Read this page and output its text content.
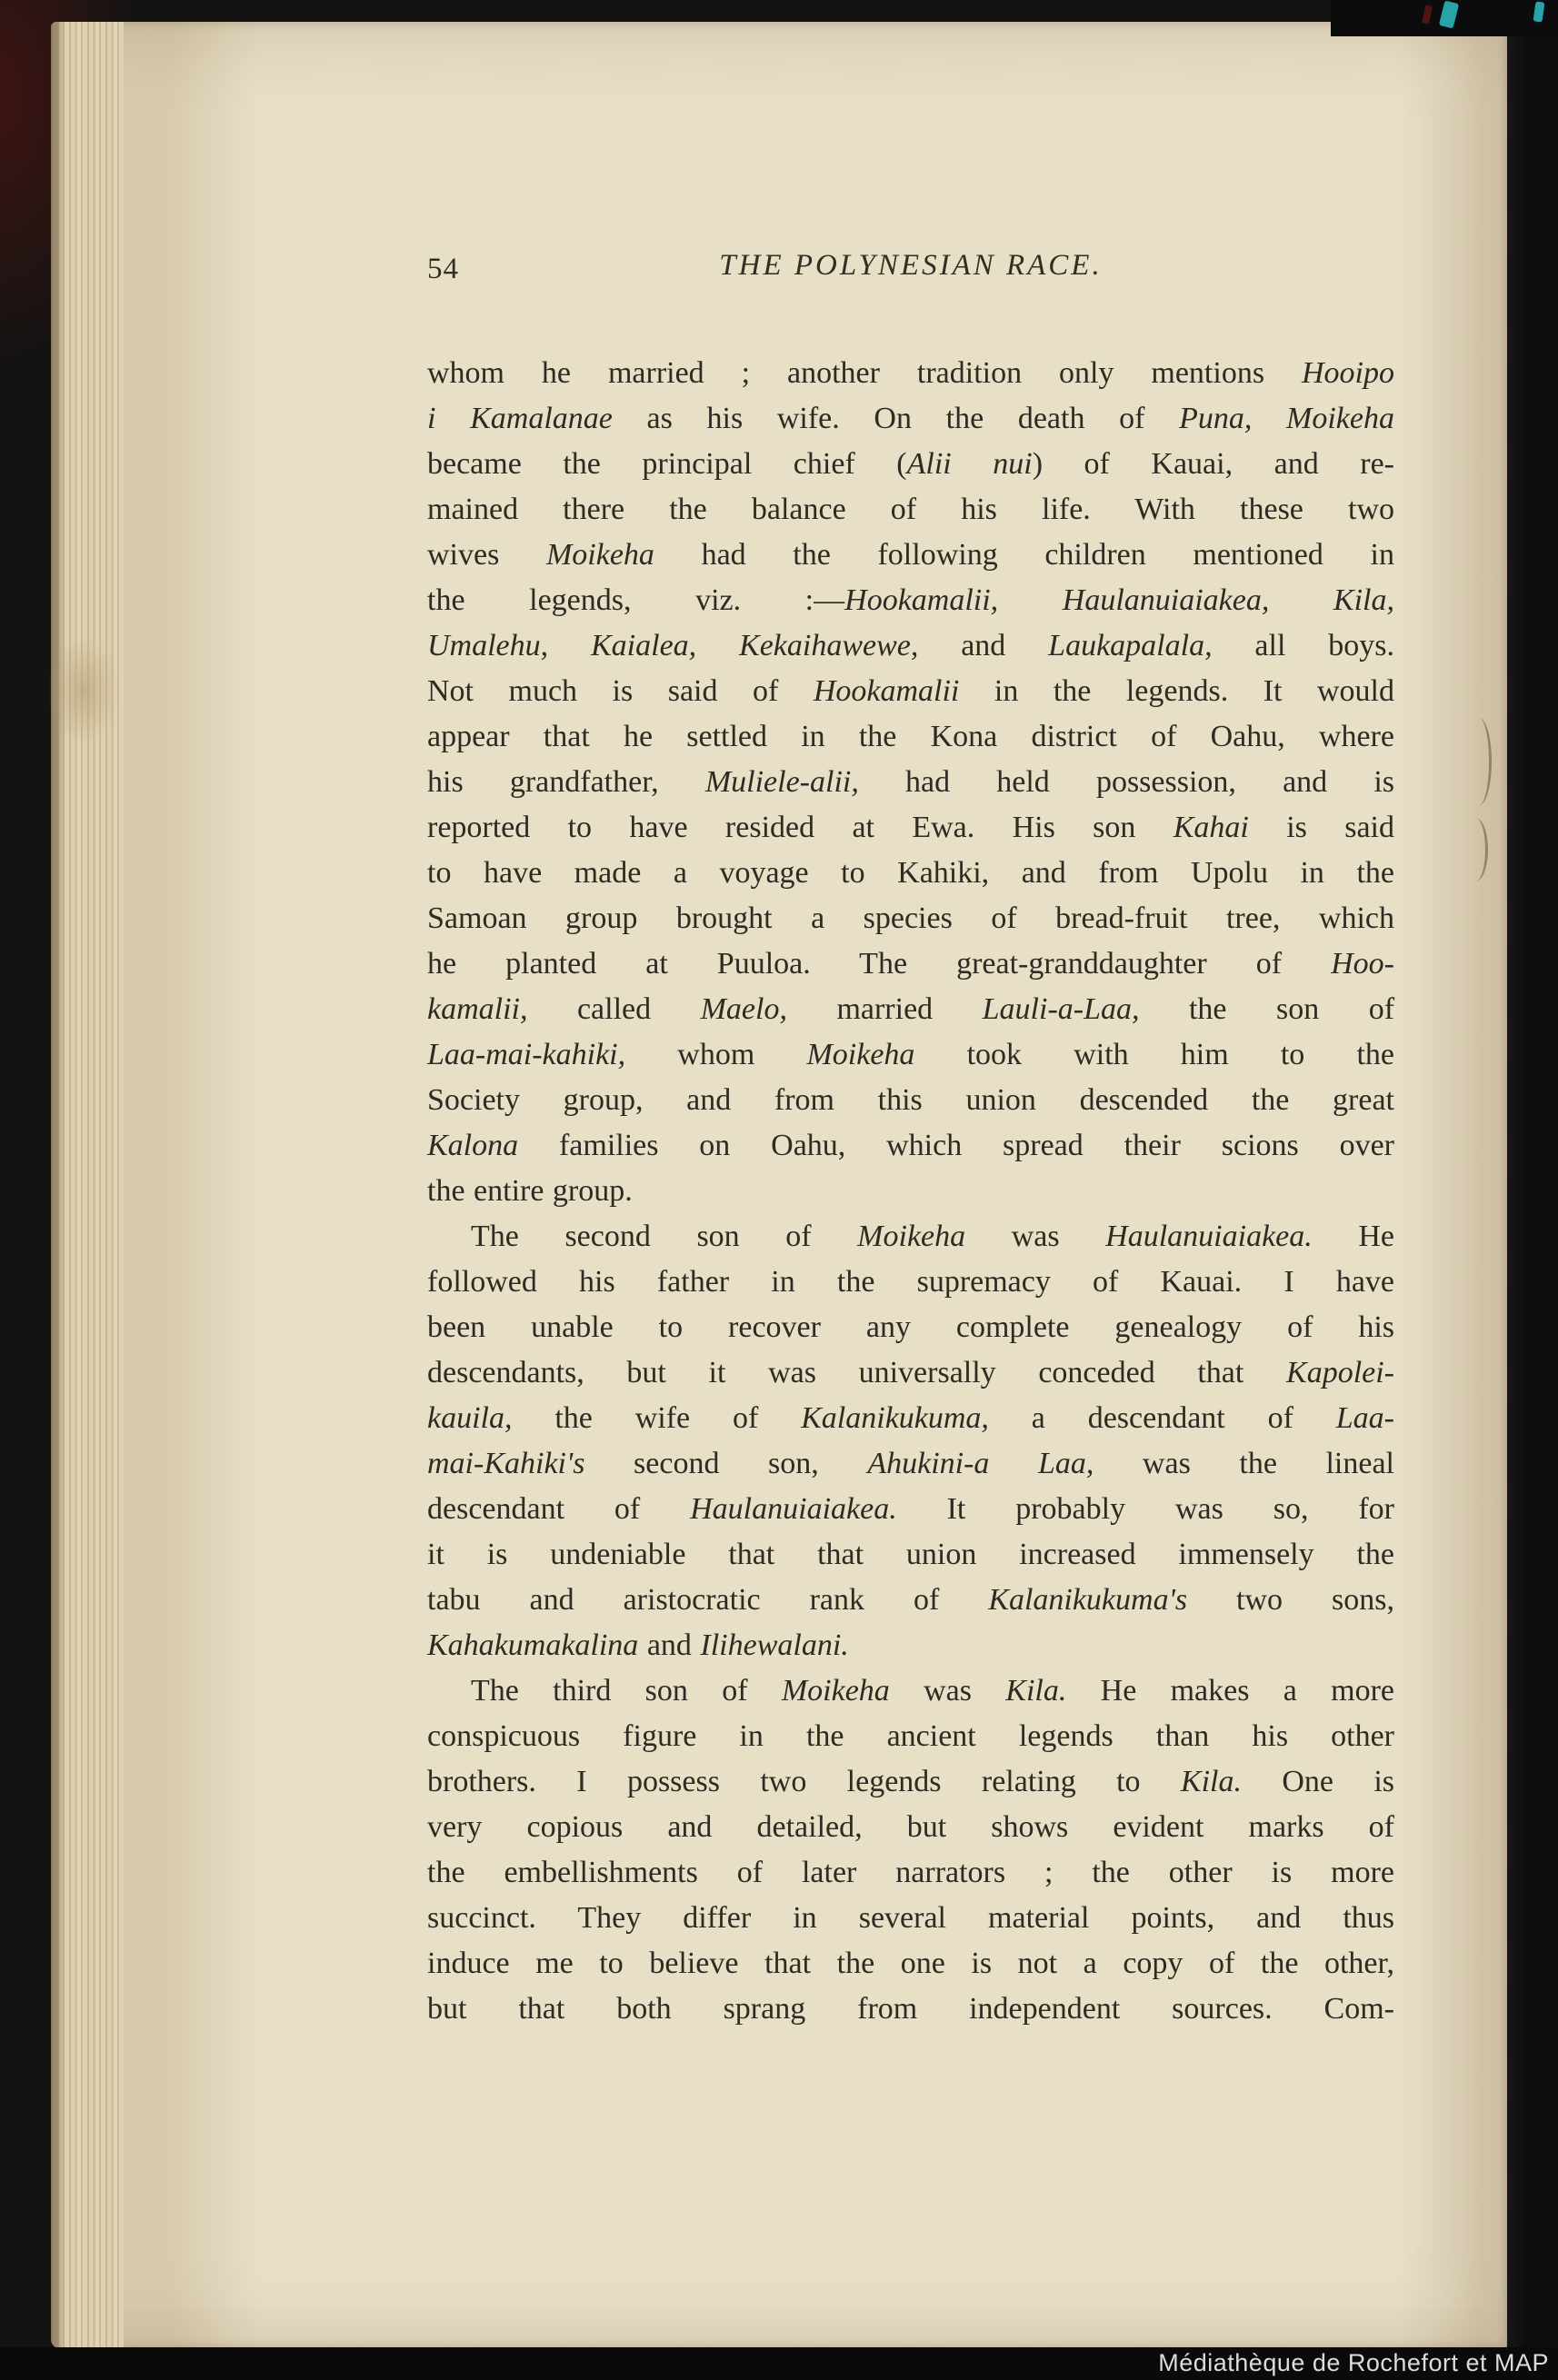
54	THE POLYNESIAN RACE.
whom he married ; another tradition only mentions Hooipo
i Kamalanae as his wife. On the death of Puna, Moikeha
became the principal chief (Alii nui) of Kauai, and re-
mained there the balance of his life. With these two
wives Moikeha had the following children mentioned in
the legends, viz. :—Hookamalii, Haulanuiaiakea, Kila,
Umalehu, Kaialea, Kekaihawewe, and Laukapalala, all boys.
Not much is said of Hookamalii in the legends. It would
appear that he settled in the Kona district of Oahu, where
his grandfather, Muliele-alii, had held possession, and is
reported to have resided at Ewa. His son Kahai is said
to have made a voyage to Kahiki, and from Upolu in the
Samoan group brought a species of bread-fruit tree, which
he planted at Puuloa. The great-granddaughter of Hoo-
kamalii, called Maelo, married Lauli-a-Laa, the son of
Laa-mai-kahiki, whom Moikeha took with him to the
Society group, and from this union descended the great
Kalona families on Oahu, which spread their scions over
the entire group.
The second son of Moikeha was Haulanuiaiakea. He
followed his father in the supremacy of Kauai. I have
been unable to recover any complete genealogy of his
descendants, but it was universally conceded that Kapolei-
kauila, the wife of Kalanikukuma, a descendant of Laa-
mai-Kahiki's second son, Ahukini-a Laa, was the lineal
descendant of Haulanuiaiakea. It probably was so, for
it is undeniable that that union increased immensely the
tabu and aristocratic rank of Kalanikukuma's two sons,
Kahakumakalina and Ilihewalani.
The third son of Moikeha was Kila. He makes a more
conspicuous figure in the ancient legends than his other
brothers. I possess two legends relating to Kila. One is
very copious and detailed, but shows evident marks of
the embellishments of later narrators ; the other is more
succinct. They differ in several material points, and thus
induce me to believe that the one is not a copy of the other,
but that both sprang from independent sources. Com-
Médiathèque de Rochefort et MAP
